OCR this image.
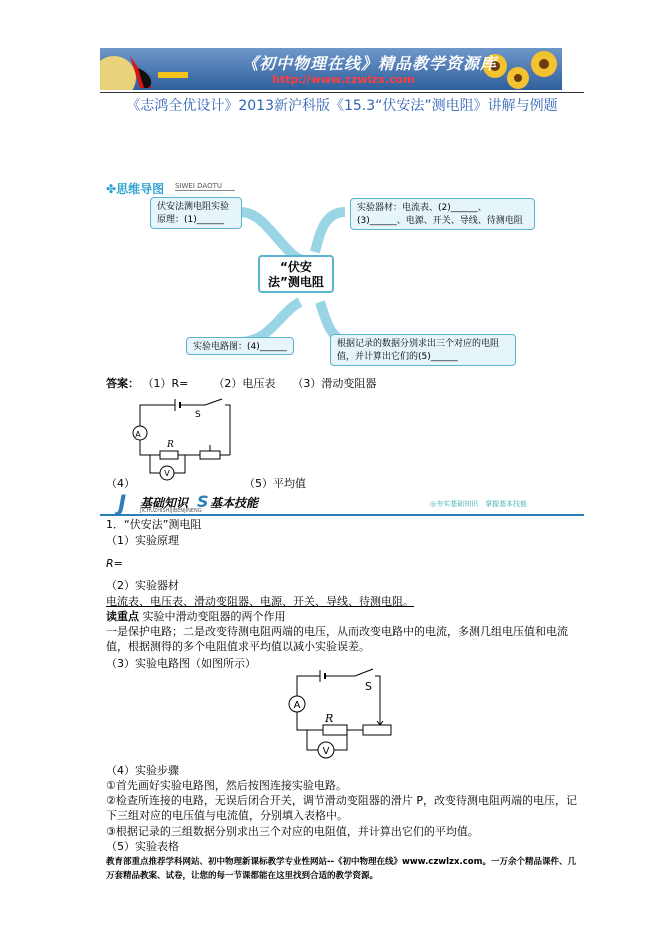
《初中物理在线》精品教学资源库
http://www.czwlzx.com
《志鸿全优设计》2013新沪科版《15.3“伏安法”测电阻》讲解与例题
✤思维导图 SIWEI DAOTU
伏安法测电阻实验原理：(1)______
实验器材：电流表、(2)______、(3)______、电源、开关、导线、待测电阻
“伏安法”测电阻
实验电路图：(4)______	根据记录的数据分别求出三个对应的电阻值，并计算出它们的(5)______
答案： （1）R= （2）电压表 （3）滑动变阻器
S
A
R
V
（4）	（5）平均值
J 基础知识 S 基本技能
JICHUZHISHIJIBENJINENG
◎夯实基础知识　掌握基本技能
1．“伏安法”测电阻
（1）实验原理
R=
（2）实验器材
电流表、电压表、滑动变阻器、电源、开关、导线、待测电阻。
读重点 实验中滑动变阻器的两个作用
一是保护电路；二是改变待测电阻两端的电压，从而改变电路中的电流，多测几组电压值和电流值，根据测得的多个电阻值求平均值以减小实验误差。
（3）实验电路图（如图所示）
S
A
R
V
（4）实验步骤
①首先画好实验电路图，然后按图连接实验电路。
②检查所连接的电路，无误后闭合开关，调节滑动变阻器的滑片 P，改变待测电阻两端的电压，记下三组对应的电压值与电流值，分别填入表格中。
③根据记录的三组数据分别求出三个对应的电阻值，并计算出它们的平均值。
（5）实验表格
教育部重点推荐学科网站、初中物理新课标教学专业性网站--《初中物理在线》www.czwlzx.com。一万余个精品课件、几万套精品教案、试卷，让您的每一节课都能在这里找到合适的教学资源。
